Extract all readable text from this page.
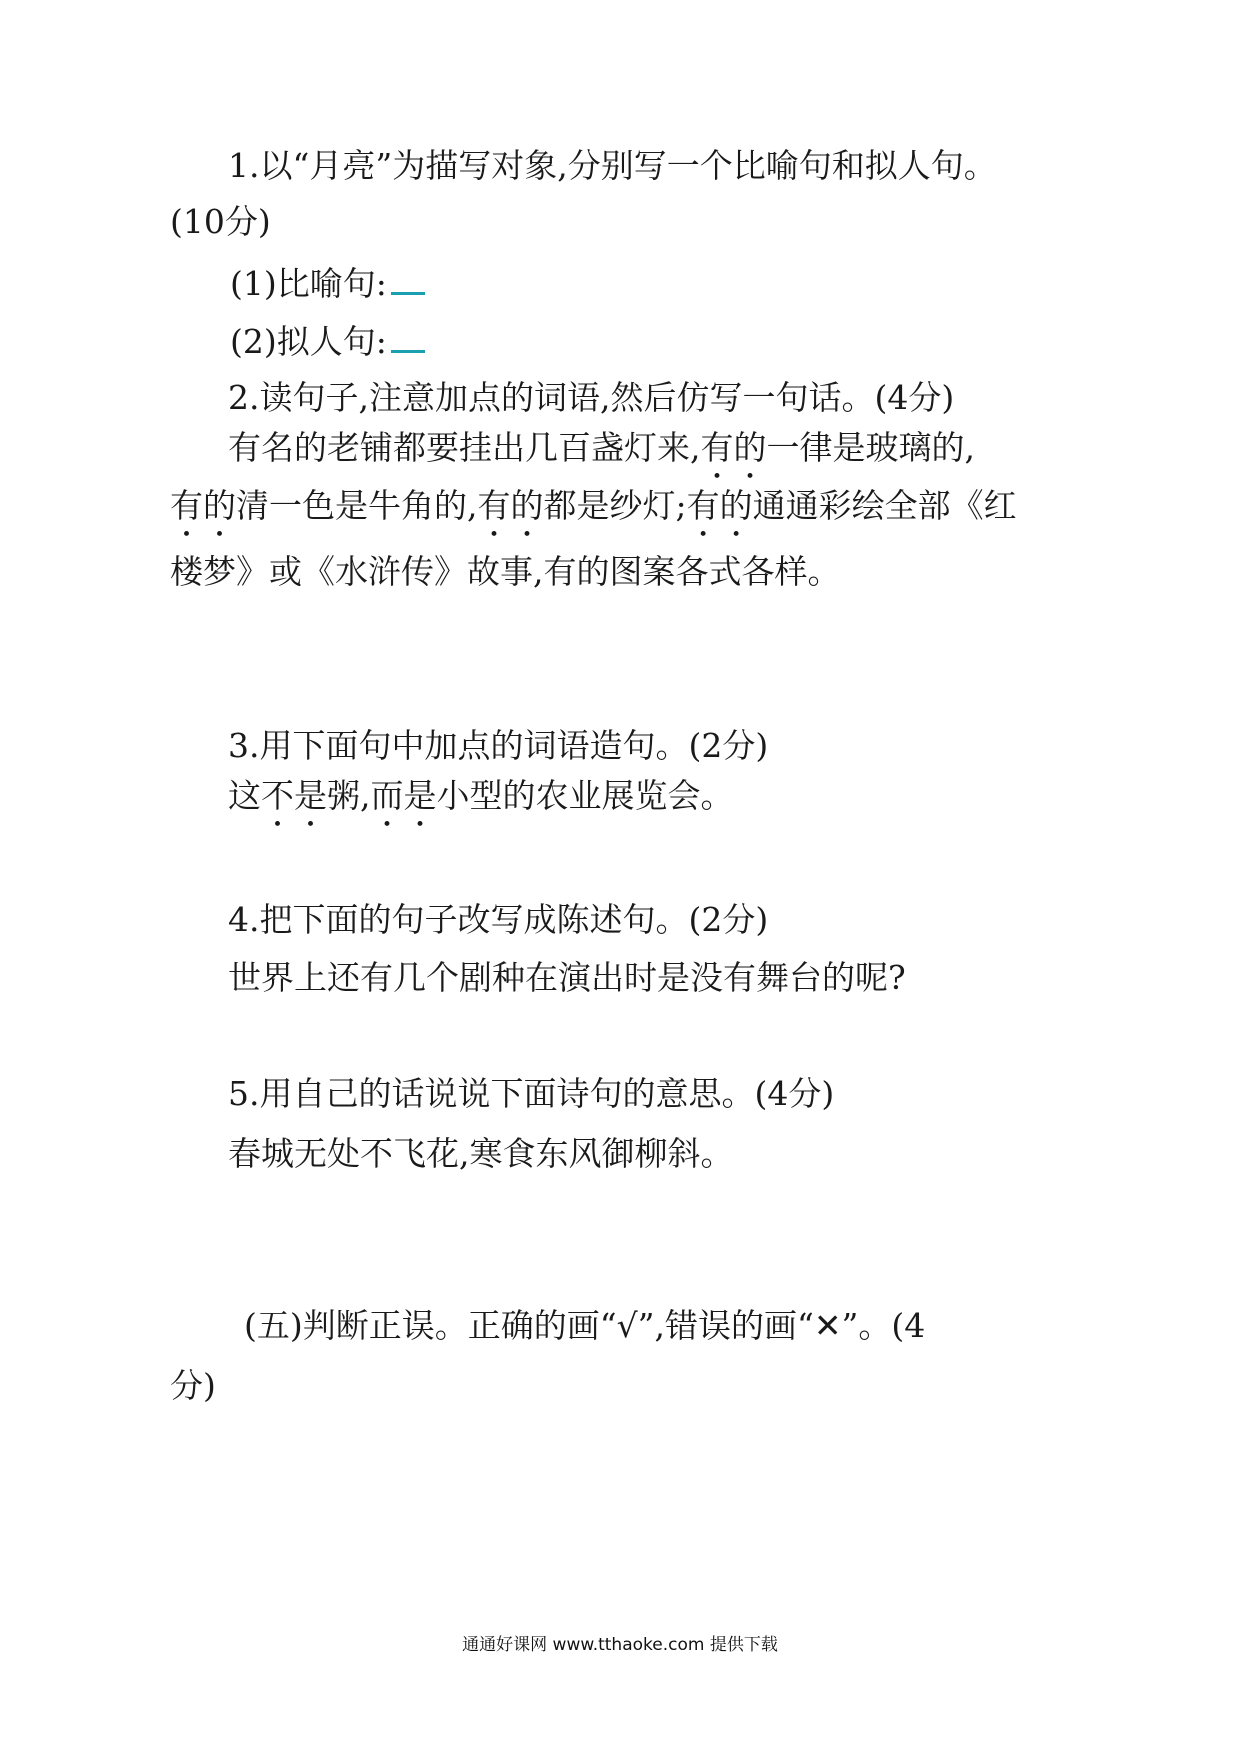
1.以“月亮”为描写对象,分别写一个比喻句和拟人句。
(10分)
(1)比喻句:
(2)拟人句:
2.读句子,注意加点的词语,然后仿写一句话。(4分)
有名的老铺都要挂出几百盏灯来,有的一律是玻璃的,
有的清一色是牛角的,有的都是纱灯;有的通通彩绘全部《红
楼梦》或《水浒传》故事,有的图案各式各样。
3.用下面句中加点的词语造句。(2分)
这不是粥,而是小型的农业展览会。
4.把下面的句子改写成陈述句。(2分)
世界上还有几个剧种在演出时是没有舞台的呢?
5.用自己的话说说下面诗句的意思。(4分)
春城无处不飞花,寒食东风御柳斜。
(五)判断正误。正确的画“√”,错误的画“✕”。(4
分)
通通好课网 www.tthaoke.com 提供下载
